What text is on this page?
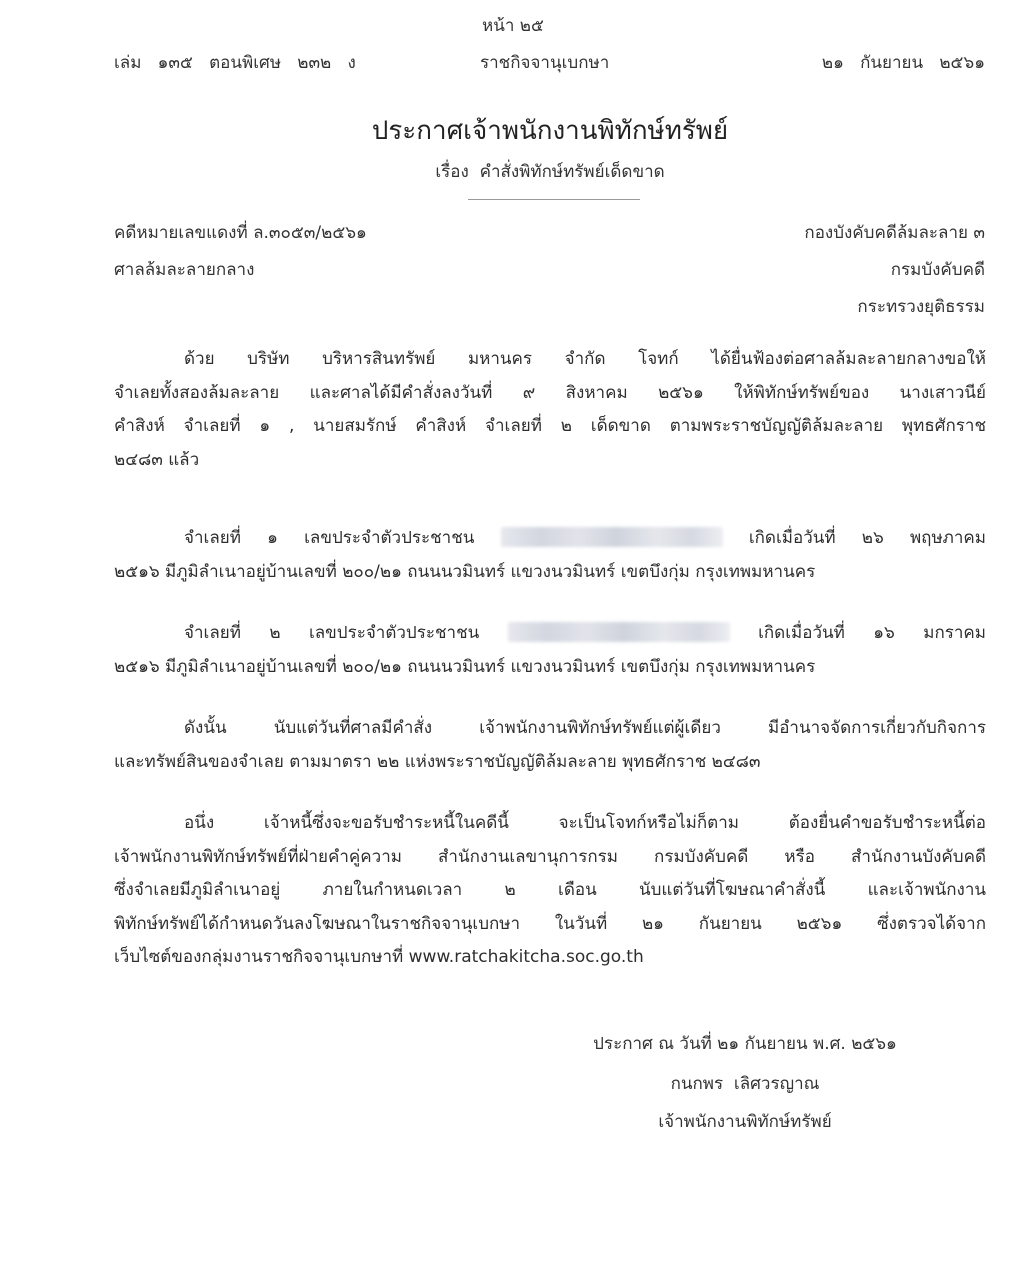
หน้า ๒๕
เล่ม   ๑๓๕   ตอนพิเศษ   ๒๓๒   ง	ราชกิจจานุเบกษา	๒๑   กันยายน   ๒๕๖๑
ประกาศเจ้าพนักงานพิทักษ์ทรัพย์
เรื่อง  คำสั่งพิทักษ์ทรัพย์เด็ดขาด
คดีหมายเลขแดงที่ ล.๓๐๕๓/๒๕๖๑
ศาลล้มละลายกลาง
กองบังคับคดีล้มละลาย ๓
กรมบังคับคดี
กระทรวงยุติธรรม
ด้วย บริษัท บริหารสินทรัพย์ มหานคร จำกัด โจทก์ ได้ยื่นฟ้องต่อศาลล้มละลายกลางขอให้
จำเลยทั้งสองล้มละลาย และศาลได้มีคำสั่งลงวันที่ ๙ สิงหาคม ๒๕๖๑ ให้พิทักษ์ทรัพย์ของ นางเสาวนีย์
คำสิงห์ จำเลยที่ ๑ , นายสมรักษ์ คำสิงห์ จำเลยที่ ๒ เด็ดขาด ตามพระราชบัญญัติล้มละลาย พุทธศักราช
๒๔๘๓ แล้ว
จำเลยที่  ๑  เลขประจำตัวประชาชน	เกิดเมื่อวันที่  ๒๖  พฤษภาคม
๒๕๑๖ มีภูมิลำเนาอยู่บ้านเลขที่ ๒๐๐/๒๑ ถนนนวมินทร์ แขวงนวมินทร์ เขตบึงกุ่ม กรุงเทพมหานคร
จำเลยที่  ๒  เลขประจำตัวประชาชน	เกิดเมื่อวันที่  ๑๖  มกราคม
๒๕๑๖ มีภูมิลำเนาอยู่บ้านเลขที่ ๒๐๐/๒๑ ถนนนวมินทร์ แขวงนวมินทร์ เขตบึงกุ่ม กรุงเทพมหานคร
ดังนั้น นับแต่วันที่ศาลมีคำสั่ง เจ้าพนักงานพิทักษ์ทรัพย์แต่ผู้เดียว มีอำนาจจัดการเกี่ยวกับกิจการ
และทรัพย์สินของจำเลย ตามมาตรา ๒๒ แห่งพระราชบัญญัติล้มละลาย พุทธศักราช ๒๔๘๓
อนึ่ง เจ้าหนี้ซึ่งจะขอรับชำระหนี้ในคดีนี้ จะเป็นโจทก์หรือไม่ก็ตาม ต้องยื่นคำขอรับชำระหนี้ต่อ
เจ้าพนักงานพิทักษ์ทรัพย์ที่ฝ่ายคำคู่ความ สำนักงานเลขานุการกรม กรมบังคับคดี หรือ สำนักงานบังคับคดี
ซึ่งจำเลยมีภูมิลำเนาอยู่   ภายในกำหนดเวลา   ๒   เดือน   นับแต่วันที่โฆษณาคำสั่งนี้   และเจ้าพนักงาน
พิทักษ์ทรัพย์ได้กำหนดวันลงโฆษณาในราชกิจจานุเบกษา ในวันที่ ๒๑ กันยายน ๒๕๖๑ ซึ่งตรวจได้จาก
เว็บไซต์ของกลุ่มงานราชกิจจานุเบกษาที่ www.ratchakitcha.soc.go.th
ประกาศ ณ วันที่ ๒๑ กันยายน พ.ศ. ๒๕๖๑
กนกพร  เลิศวรญาณ
เจ้าพนักงานพิทักษ์ทรัพย์
